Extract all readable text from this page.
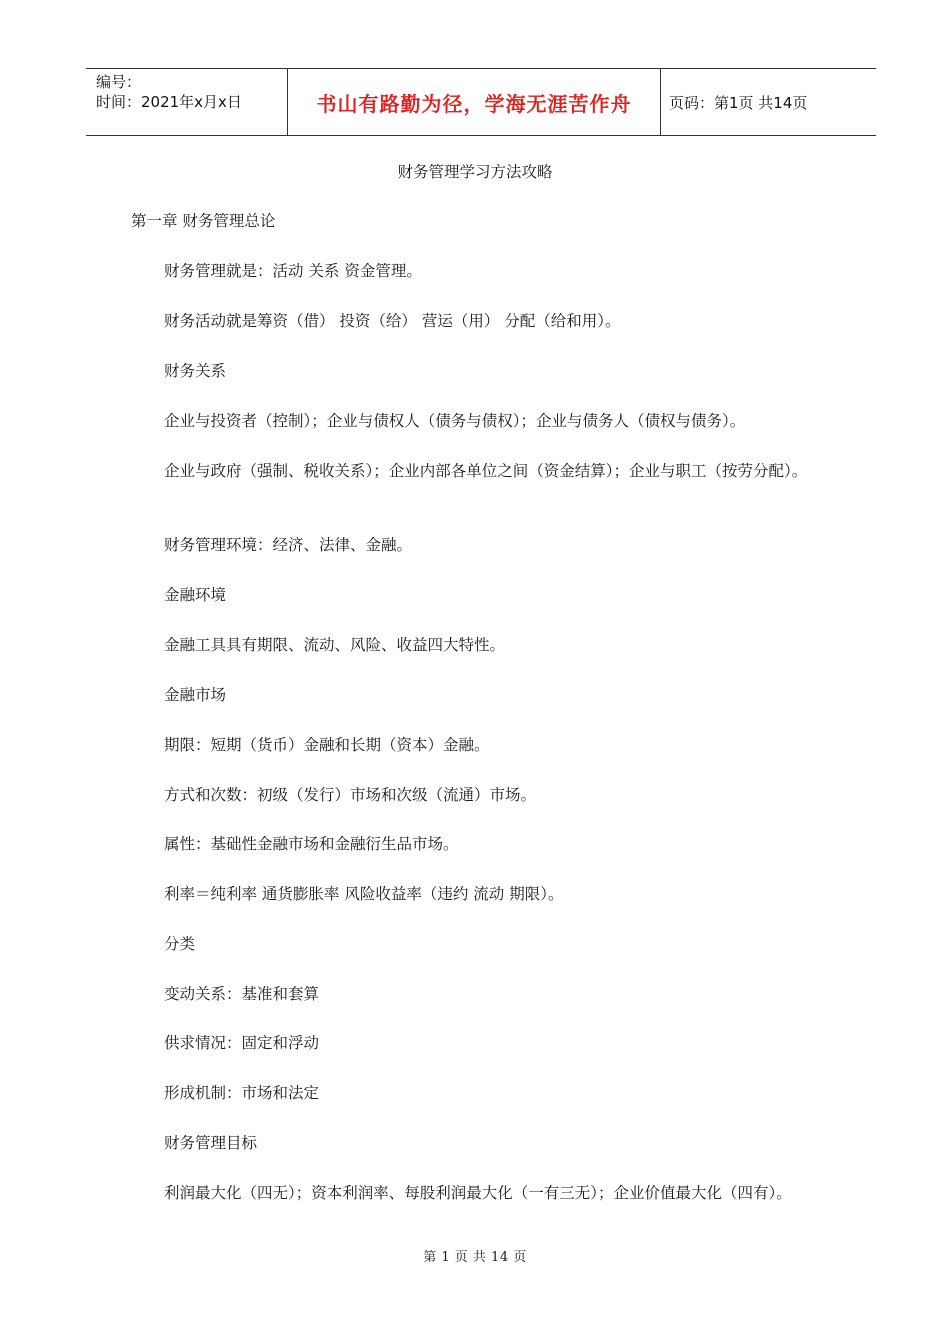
编号：
时间：2021年x月x日	书山有路勤为径，学海无涯苦作舟	页码：第1页 共14页
财务管理学习方法攻略
第一章 财务管理总论
财务管理就是：活动 关系 资金管理。
财务活动就是筹资（借） 投资（给） 营运（用） 分配（给和用）。
财务关系
企业与投资者（控制）；企业与债权人（债务与债权）；企业与债务人（债权与债务）。
企业与政府（强制、税收关系）；企业内部各单位之间（资金结算）；企业与职工（按劳分配）。
财务管理环境：经济、法律、金融。
金融环境
金融工具具有期限、流动、风险、收益四大特性。
金融市场
期限：短期（货币）金融和长期（资本）金融。
方式和次数：初级（发行）市场和次级（流通）市场。
属性：基础性金融市场和金融衍生品市场。
利率＝纯利率 通货膨胀率 风险收益率（违约 流动 期限）。
分类
变动关系：基准和套算
供求情况：固定和浮动
形成机制：市场和法定
财务管理目标
利润最大化（四无）；资本利润率、每股利润最大化（一有三无）；企业价值最大化（四有）。
第 1 页 共 14 页
